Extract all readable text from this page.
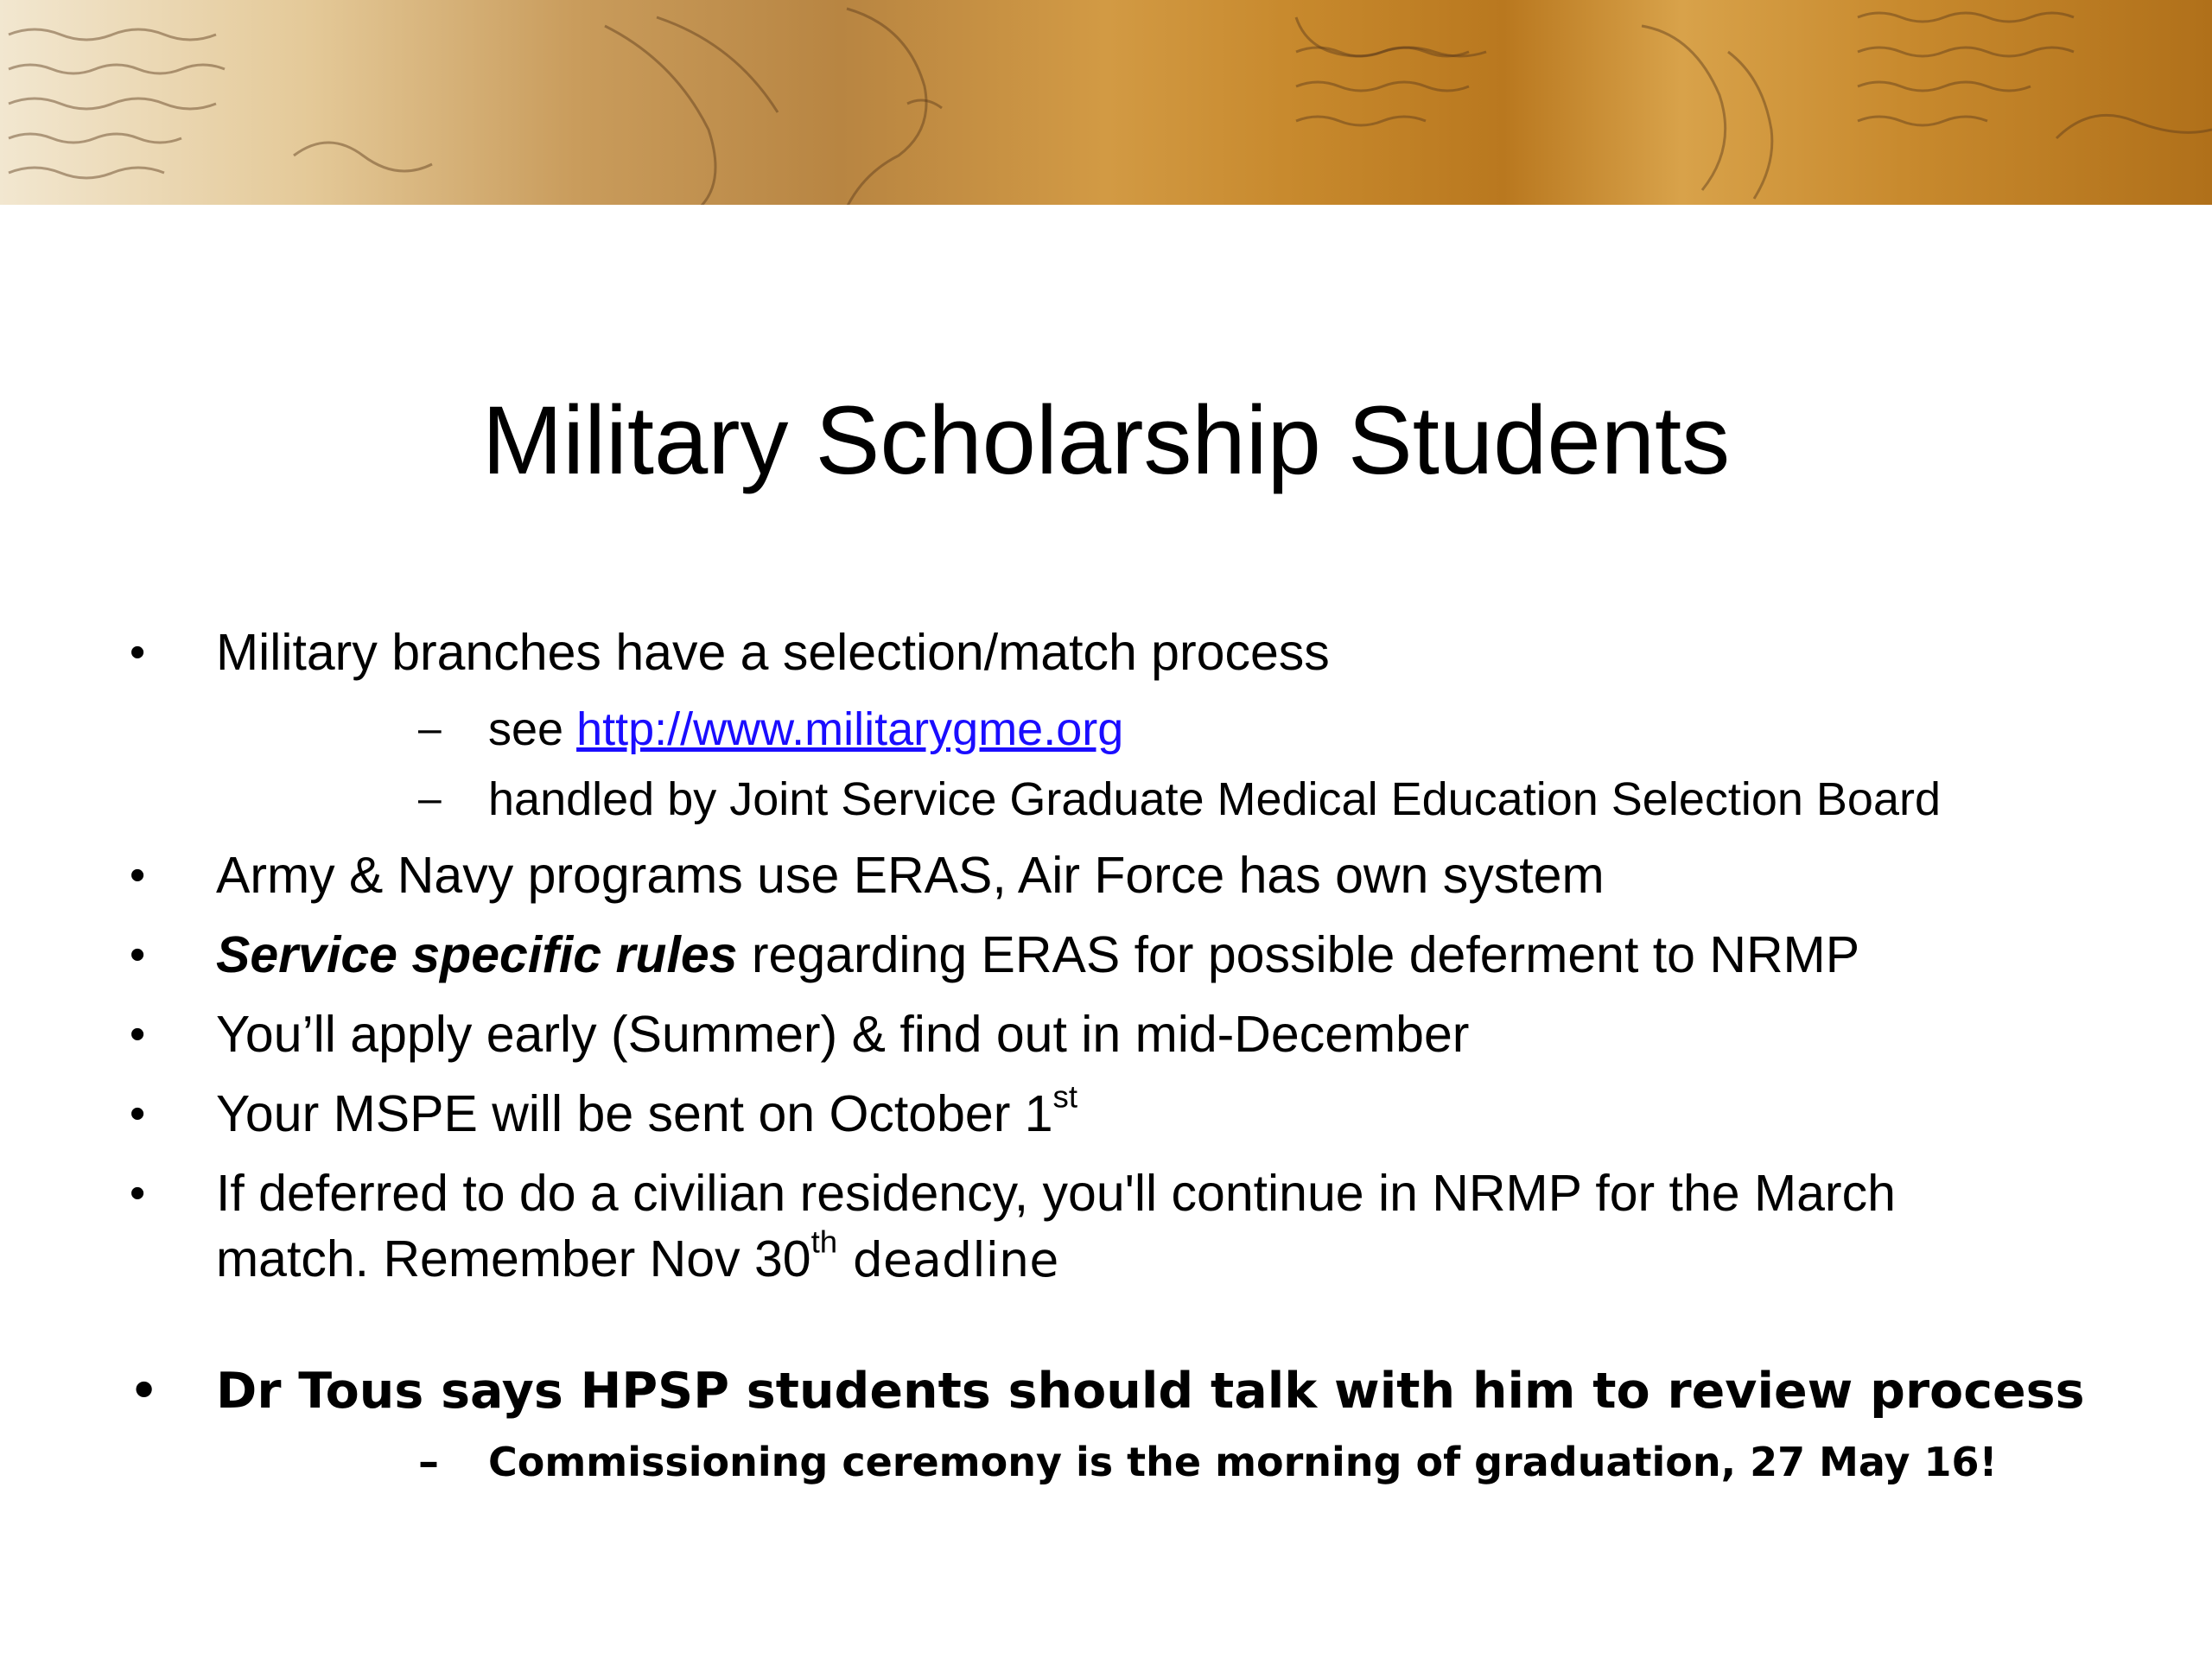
Military Scholarship Students
• Military branches have a selection/match process
– see http://www.militarygme.org
– handled by Joint Service Graduate Medical Education Selection Board
• Army & Navy programs use ERAS, Air Force has own system
• Service specific rules regarding ERAS for possible deferment to NRMP
• You’ll apply early (Summer) & find out in mid-December
• Your MSPE will be sent on October 1st
• If deferred to do a civilian residency, you'll continue in NRMP for the March
match. Remember Nov 30th deadline
• Dr Tous says HPSP students should talk with him to review process
– Commissioning ceremony is the morning of graduation, 27 May 16!
